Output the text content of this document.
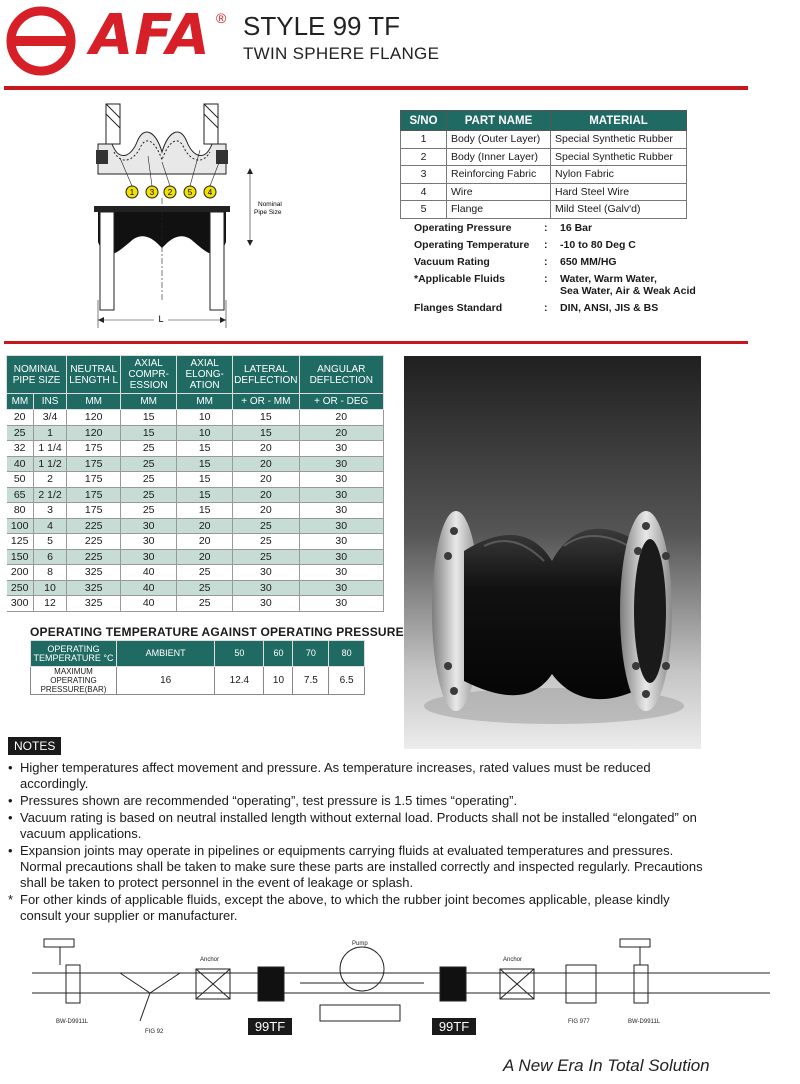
AFA ® STYLE 99 TF
TWIN SPHERE FLANGE
1 3 2 5 4
Nominal
Pipe Size
L
S/NO	PART NAME	MATERIAL
1	Body (Outer Layer)	Special Synthetic Rubber
2	Body (Inner Layer)	Special Synthetic Rubber
3	Reinforcing Fabric	Nylon Fabric
4	Wire	Hard Steel Wire
5	Flange	Mild Steel (Galv'd)
Operating Pressure	:	16 Bar
Operating Temperature	:	-10 to 80 Deg C
Vacuum Rating	:	650 MM/HG
*Applicable Fluids	:	Water, Warm Water,
Sea Water, Air & Weak Acid
Flanges Standard	:	DIN, ANSI, JIS & BS
NOMINAL PIPE SIZE		NEUTRAL LENGTH L	AXIAL COMPR- ESSION	AXIAL ELONG- ATION	LATERAL DEFLECTION	ANGULAR DEFLECTION
MM	INS	MM	MM	MM	+ OR - MM	+ OR - DEG
20	3/4	120	15	10	15	20
25	1	120	15	10	15	20
32	1 1/4	175	25	15	20	30
40	1 1/2	175	25	15	20	30
50	2	175	25	15	20	30
65	2 1/2	175	25	15	20	30
80	3	175	25	15	20	30
100	4	225	30	20	25	30
125	5	225	30	20	25	30
150	6	225	30	20	25	30
200	8	325	40	25	30	30
250	10	325	40	25	30	30
300	12	325	40	25	30	30
OPERATING TEMPERATURE AGAINST OPERATING PRESSURE
OPERATING TEMPERATURE °C	AMBIENT	50	60	70	80
MAXIMUM OPERATING PRESSURE(BAR)	16	12.4	10	7.5	6.5
NOTES
• Higher temperatures affect movement and pressure. As temperature increases, rated values must be reduced accordingly.
• Pressures shown are recommended “operating”, test pressure is 1.5 times “operating”.
• Vacuum rating is based on neutral installed length without external load. Products shall not be installed “elongated” on vacuum applications.
• Expansion joints may operate in pipelines or equipments carrying fluids at evaluated temperatures and pressures. Normal precautions shall be taken to make sure these parts are installed correctly and inspected regularly. Precautions shall be taken to protect personnel in the event of leakage or splash.
* For other kinds of applicable fluids, except the above, to which the rubber joint becomes applicable, please kindly consult your supplier or manufacturer.
Pump
Anchor	Anchor
BW-D9911L	BW-D9911L
FIG 92
FIG 977
99TF	99TF
A New Era In Total Solution
